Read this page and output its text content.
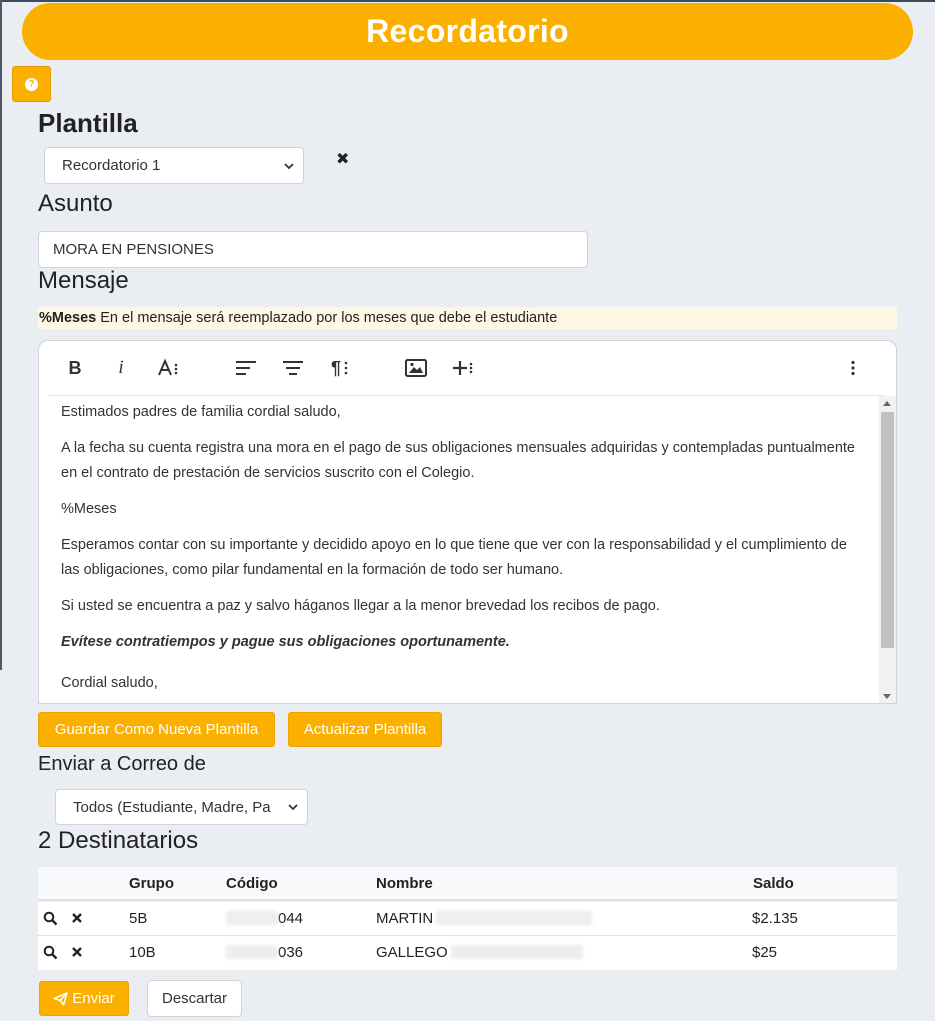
Recordatorio
?
Plantilla
Recordatorio 1	✖
Asunto
MORA EN PENSIONES
Mensaje
%Meses En el mensaje será reemplazado por los meses que debe el estudiante
B i	¶

Estimados padres de familia cordial saludo,

A la fecha su cuenta registra una mora en el pago de sus obligaciones mensuales adquiridas y contempladas puntualmente en el contrato de prestación de servicios suscrito con el Colegio.

%Meses

Esperamos contar con su importante y decidido apoyo en lo que tiene que ver con la responsabilidad y el cumplimiento de las obligaciones, como pilar fundamental en la formación de todo ser humano.

Si usted se encuentra a paz y salvo háganos llegar a la menor brevedad los recibos de pago.

Evítese contratiempos y pague sus obligaciones oportunamente.

Cordial saludo,

Guardar Como Nueva Plantilla	Actualizar Plantilla
Enviar a Correo de
Todos (Estudiante, Madre, Pa
2 Destinatarios
Grupo	Código	Nombre	Saldo
5B	044	MARTIN	$2.135
10B	036	GALLEGO	$25
Enviar	Descartar
